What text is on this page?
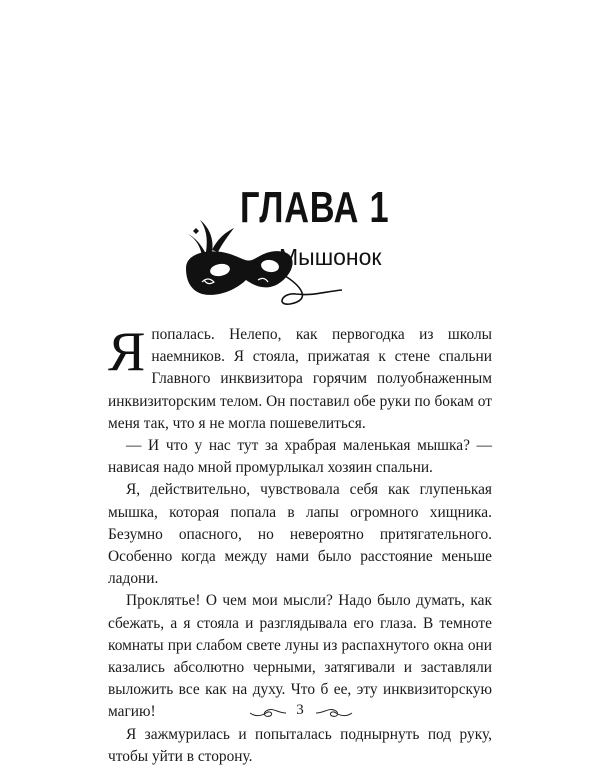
ГЛАВА 1
Мышонок

Я попалась. Нелепо, как первогодка из школы наемников. Я стояла, прижатая к стене спальни Главного инквизитора горячим полуобнаженным инквизиторским телом. Он поставил обе руки по бокам от меня так, что я не могла пошевелиться.

— И что у нас тут за храбрая маленькая мышка? — нависая надо мной промурлыкал хозяин спальни.

Я, действительно, чувствовала себя как глупенькая мышка, которая попала в лапы огромного хищника. Безумно опасного, но невероятно притягательного. Особенно когда между нами было расстояние меньше ладони.

Проклятье! О чем мои мысли? Надо было думать, как сбежать, а я стояла и разглядывала его глаза. В темноте комнаты при слабом свете луны из распахнутого окна они казались абсолютно черными, затягивали и заставляли выложить все как на духу. Что б ее, эту инквизиторскую магию!

Я зажмурилась и попыталась поднырнуть под руку, чтобы уйти в сторону.

3
